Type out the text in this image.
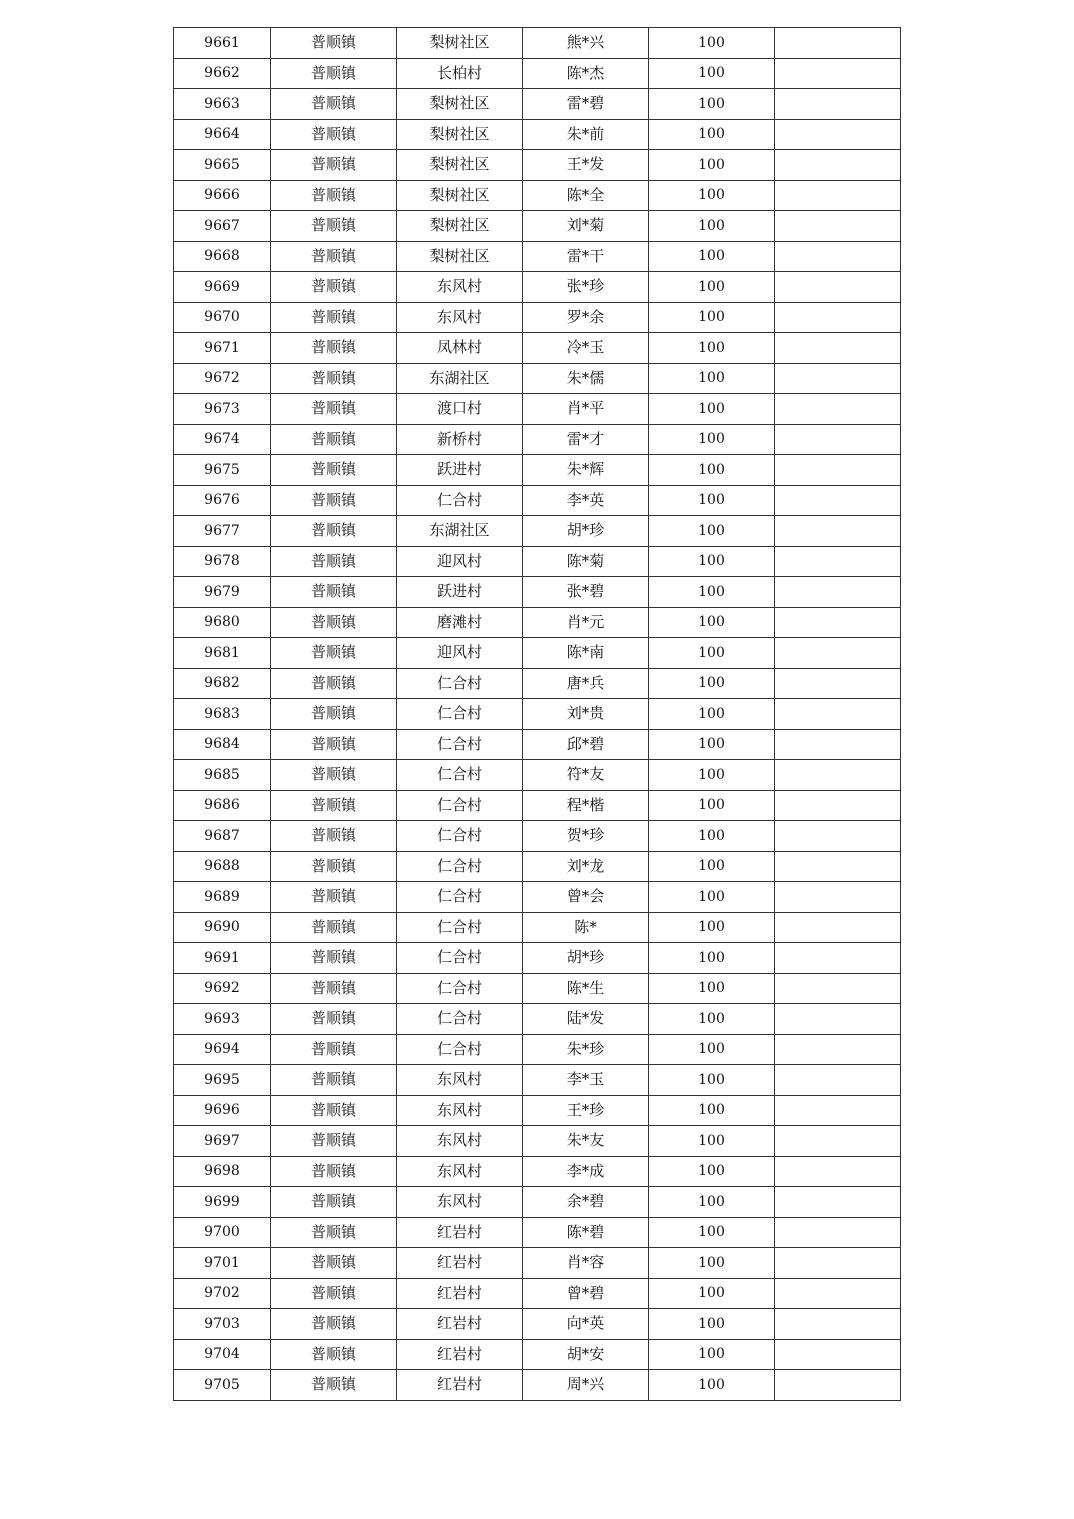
9661	普顺镇	梨树社区	熊*兴	100	
9662	普顺镇	长柏村	陈*杰	100	
9663	普顺镇	梨树社区	雷*碧	100	
9664	普顺镇	梨树社区	朱*前	100	
9665	普顺镇	梨树社区	王*发	100	
9666	普顺镇	梨树社区	陈*全	100	
9667	普顺镇	梨树社区	刘*菊	100	
9668	普顺镇	梨树社区	雷*干	100	
9669	普顺镇	东风村	张*珍	100	
9670	普顺镇	东风村	罗*余	100	
9671	普顺镇	凤林村	冷*玉	100	
9672	普顺镇	东湖社区	朱*儒	100	
9673	普顺镇	渡口村	肖*平	100	
9674	普顺镇	新桥村	雷*才	100	
9675	普顺镇	跃进村	朱*辉	100	
9676	普顺镇	仁合村	李*英	100	
9677	普顺镇	东湖社区	胡*珍	100	
9678	普顺镇	迎风村	陈*菊	100	
9679	普顺镇	跃进村	张*碧	100	
9680	普顺镇	磨滩村	肖*元	100	
9681	普顺镇	迎风村	陈*南	100	
9682	普顺镇	仁合村	唐*兵	100	
9683	普顺镇	仁合村	刘*贵	100	
9684	普顺镇	仁合村	邱*碧	100	
9685	普顺镇	仁合村	符*友	100	
9686	普顺镇	仁合村	程*楷	100	
9687	普顺镇	仁合村	贺*珍	100	
9688	普顺镇	仁合村	刘*龙	100	
9689	普顺镇	仁合村	曾*会	100	
9690	普顺镇	仁合村	陈*	100	
9691	普顺镇	仁合村	胡*珍	100	
9692	普顺镇	仁合村	陈*生	100	
9693	普顺镇	仁合村	陆*发	100	
9694	普顺镇	仁合村	朱*珍	100	
9695	普顺镇	东风村	李*玉	100	
9696	普顺镇	东风村	王*珍	100	
9697	普顺镇	东风村	朱*友	100	
9698	普顺镇	东风村	李*成	100	
9699	普顺镇	东风村	余*碧	100	
9700	普顺镇	红岩村	陈*碧	100	
9701	普顺镇	红岩村	肖*容	100	
9702	普顺镇	红岩村	曾*碧	100	
9703	普顺镇	红岩村	向*英	100	
9704	普顺镇	红岩村	胡*安	100	
9705	普顺镇	红岩村	周*兴	100	
